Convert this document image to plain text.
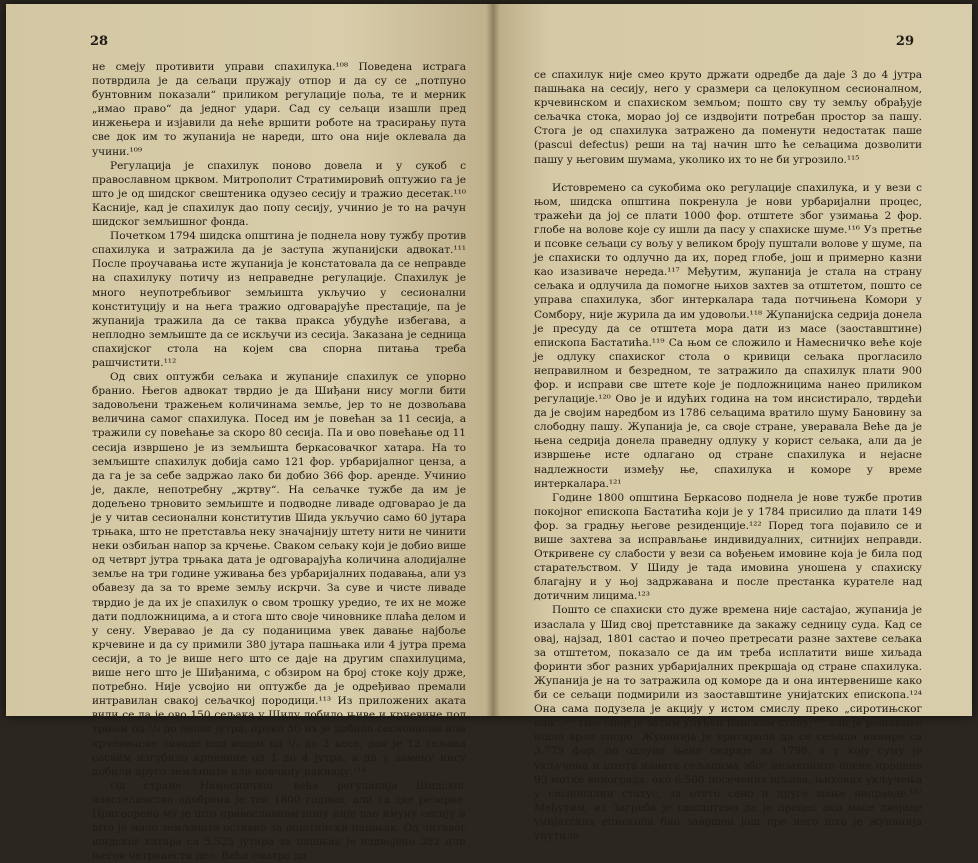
28

не смеју противити управи спахилука.¹⁰⁸ Поведена истрага потврдила је да сељаци пружају отпор и да су се „потпуно бунтовним показали“ приликом регулације поља, те и мерник „имао право“ да једног удари. Сад су сељаци изашли пред инжењера и изјавили да неће вршити роботе на трасирању пута све док им то жупанија не нареди, што она није оклевала да учини.¹⁰⁹

Регулација је спахилук поново довела и у сукоб с православном црквом. Митрополит Стратимировић оптужио га је што је од шидског свештеника одузео сесију и тражио десетак.¹¹⁰ Касније, кад је спахилук дао попу сесију, учинио је то на рачун шидског земљишног фонда.

Почетком 1794 шидска општина је поднела нову тужбу против спахилука и затражила да је заступа жупанијски адвокат.¹¹¹ После проучавања исте жупанија је констатовала да се неправде на спахилуку потичу из неправедне регулације. Спахилук је много неупотребљивог земљишта укључио у сесионални конституцију и на њега тражио одговарајуће престације, па је жупанија тражила да се таква пракса убудуће избегава, а неплодно земљиште да се искључи из сесија. Заказана је седница спахијског стола на којем сва спорна питања треба рашчистити.¹¹²

Од свих оптужби сељака и жупаније спахилук се упорно бранио. Његов адвокат тврдио је да Шиђани нису могли бити задовољени тражењем количинама земље, јер то не дозвољава величина самог спахилука. Посед им је повећан за 11 сесија, а тражили су повећање за скоро 80 сесија. Па и ово повећање од 11 сесија извршено је из земљишта беркасовачког хатара. На то земљиште спахилук добија само 121 фор. урбаријалног цензa, а да га је за себе задржао лако би добио 366 фор. аренде. Учинио је, дакле, непотребну „жртву“. На сељачке тужбе да им је додељено трновито земљиште и подводне ливаде одговарао је да је у читав сесионални конститутив Шида укључио само 60 јутара трњака, што не претставља неку значајнију штету нити не чинити неки озбиљан напор за крчење. Сваком сељаку који је добио више од четврт јутра трњака дата је одговарајућа количина алодијалне земље на три године уживања без урбаријалних подавања, али уз обавезу да за то време земљу искрчи. За суве и чисте ливаде тврдио је да их је спахилук о свом трошку уредио, те их не може дати подложницима, а и стога што своје чиновнике плаћа делом и у сену. Уверавао је да су поданицима увек давање најбоље крчевине и да су примили 380 јутара пашњака или 4 јутра према сесији, а то је више него што се даје на другим спахилуцима, више него што је Шиђанима, с обзиром на број стоке коју држе, потребно. Није усвојио ни оптужбе да је одређивао премали интравилан свакој сељачкој породици.¹¹³ Из приложених аката види се да је ово 150 сељака у Шиду добило њиве и крчевине под трњем од ¹/₈ до целог јутра, преко 50 их је добило сесионалне или крчевинске ливаде под водом од ¹/₂ до 2 косе, док је 12 сељака сасвим изгубило крчевине од 1 до 4 јутра, а да у замену нису добили друго земљиште или новчану накнаду.¹¹⁴

Од стране Намесничког већа регулација Шидског властелинства одобрена је тек 1800 године, али са две резерве. Пригоорено му је што православном попу није дао имуну сесију и што је мало земљишта оставио за општински пашњак. Од читавог шидског хатара са 5.525 јутара за пашњак је издвојено 382 или његов четрнаести део. Веће сматра да

29

се спахилук није смео круто држати одредбе да даје 3 до 4 јутра пашњака на сесију, него у сразмери са целокупном сесионалном, крчевинском и спахиском земљом; пошто сву ту земљу обрађује сељачка стока, морао јој се издвојити потребан простор за пашу. Стога је од спахилука затражено да поменути недостатак паше (pascui defectus) реши на тај начин што ће сељацима дозволити пашу у његовим шумама, уколико их то не би угрозило.¹¹⁵

Истовремено са сукобима око регулације спахилука, и у вези с њом, шидска општина покренула је нови урбаријални процес, тражећи да јој се плати 1000 фор. отштете због узимања 2 фор. глобе на волове које су ишли да пасу у спахиске шуме.¹¹⁶ Уз претње и псовке сељаци су вољу у великом броју пуштали волове у шуме, па је спахиски то одлучно да их, поред глобе, још и примерно казни као изазиваче нереда.¹¹⁷ Међутим, жупанија је стала на страну сељака и одлучила да помогне њихов захтев за отштетом, пошто се управа спахилука, због интеркалара тада потчињена Комори у Сомбору, није журила да им удовољи.¹¹⁸ Жупанијска седрија донела је пресуду да се отштета мора дати из масе (заоставштине) епископа Бастатића.¹¹⁹ Са њом се сложило и Намесничко веће које је одлуку спахиског стола о кривици сељака прогласило неправилном и безредном, те затражило да спахилук плати 900 фор. и исправи све штете које је подложницима нанео приликом регулације.¹²⁰ Ово је и идућих година на том инсистирало, тврдећи да је својим наредбом из 1786 сељацима вратило шуму Бановину за слободну пашу. Жупанија је, са своје стране, уверавала Веће да је њена седрија донела праведну одлуку у корист сељака, али да је извршење исте одлагано од стране спахилука и нејасне надлежности између ње, спахилука и коморе у време интеркалара.¹²¹

Године 1800 општина Беркасово поднела је нове тужбе против покојног епископа Бастатића који је у 1784 присилио да плати 149 фор. за градњу његове резиденције.¹²² Поред тога појавило се и више захтева за исправљање индивидуалних, ситнијих неправди. Откривене су слабости у вези са вођењем имовине која је била под старатељством. У Шиду је тада имовина уношена у спахиску благајну и у њој задржавана и после престанка курателе над дотичним лицима.¹²³

Пошто се спахиски сто дуже времена није састајао, жупанија је изаслала у Шид свој претставнике да закажу седницу суда. Кад се овај, најзад, 1801 састао и почео претресати разне захтеве сељака за отштетом, показало се да им треба исплатити више хиљада форинти због разних урбаријалних прекршаја од стране спахилука. Жупанија је на то затражила од коморе да и она интервенише како би се сељаци подмирили из заоставштине унијатских епископа.¹²⁴ Она сама подузела је акцију у истом смислу преко „сиротињског опа“.¹²⁵ Цео спор је затим упућен Банском столу;¹²⁶ али је решавање ишло врло споро. Жупанија је уригирала да се сељаци намире са 3.779 фор. по одлуци њене седрије из 1798, а у коју суму је укључена и штета нанета сељацима због незаконите оцене процене 93 моткe винограда, око 6.500 посечених шљива, њихових укључења у сесионални статус, за отето сено и друге мање неправде.¹²⁷ Међутим, из Загреба је саопштено да је процес око масе двојице унијатских епископа био завршен још пре него што је жупанија упутила
